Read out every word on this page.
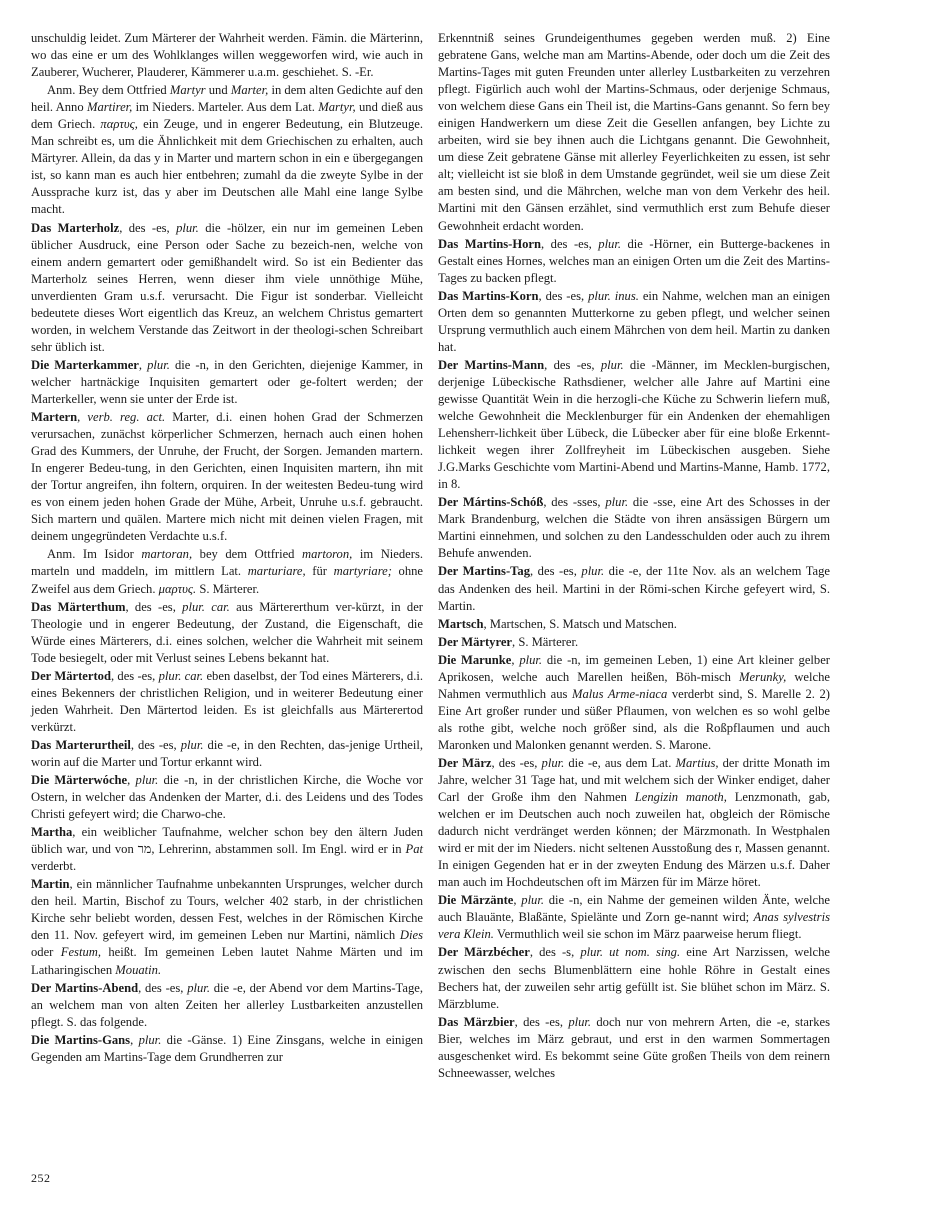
unschuldig leidet. Zum Märterer der Wahrheit werden. Fämin. die Märterinn, wo das eine er um des Wohlklanges willen weggeworfen wird, wie auch in Zauberer, Wucherer, Plauderer, Kämmerer u.a.m. geschiehet. S. -Er.

Anm. Bey dem Ottfried Martyr und Marter, in dem alten Gedichte auf den heil. Anno Martirer, im Nieders. Marteler. Aus dem Lat. Martyr, und dieß aus dem Griech. παρτυς, ein Zeuge, und in engerer Bedeutung, ein Blutzeuge. Man schreibt es, um die Ähnlichkeit mit dem Griechischen zu erhalten, auch Märtyrer. Allein, da das y in Marter und martern schon in ein e übergegangen ist, so kann man es auch hier entbehren; zumahl da die zweyte Sylbe in der Aussprache kurz ist, das y aber im Deutschen alle Mahl eine lange Sylbe macht.

Das Marterholz, des -es, plur. die -hölzer, ein nur im gemeinen Leben üblicher Ausdruck, eine Person oder Sache zu bezeich-nen, welche von einem andern gemartert oder gemißhandelt wird. So ist ein Bedienter das Marterholz seines Herren, wenn dieser ihm viele unnöthige Mühe, unverdienten Gram u.s.f. verursacht. Die Figur ist sonderbar. Vielleicht bedeutete dieses Wort eigentlich das Kreuz, an welchem Christus gemartert worden, in welchem Verstande das Zeitwort in der theologi-schen Schreibart sehr üblich ist.

Die Marterkammer, plur. die -n, in den Gerichten, diejenige Kammer, in welcher hartnäckige Inquisiten gemartert oder ge-foltert werden; der Marterkeller, wenn sie unter der Erde ist.

Martern, verb. reg. act. Marter, d.i. einen hohen Grad der Schmerzen verursachen, zunächst körperlicher Schmerzen, hernach auch einen hohen Grad des Kummers, der Unruhe, der Frucht, der Sorgen. Jemanden martern. In engerer Bedeu-tung, in den Gerichten, einen Inquisiten martern, ihn mit der Tortur angreifen, ihn foltern, orquiren. In der weitesten Bedeu-tung wird es von einem jeden hohen Grade der Mühe, Arbeit, Unruhe u.s.f. gebraucht. Sich martern und quälen. Martere mich nicht mit deinen vielen Fragen, mit deinem ungegründeten Verdachte u.s.f.

Anm. Im Isidor martoran, bey dem Ottfried martoron, im Nieders. marteln und maddeln, im mittlern Lat. marturiare, für martyriare; ohne Zweifel aus dem Griech. μαρτυς. S. Märterer.

Das Märterthum, des -es, plur. car. aus Märtererthum ver-kürzt, in der Theologie und in engerer Bedeutung, der Zustand, die Eigenschaft, die Würde eines Märterers, d.i. eines solchen, welcher die Wahrheit mit seinem Tode besiegelt, oder mit Verlust seines Lebens bekannt hat.

Der Märtertod, des -es, plur. car. eben daselbst, der Tod eines Märterers, d.i. eines Bekenners der christlichen Religion, und in weiterer Bedeutung einer jeden Wahrheit. Den Märtertod leiden. Es ist gleichfalls aus Märterertod verkürzt.

Das Marterurtheil, des -es, plur. die -e, in den Rechten, das-jenige Urtheil, worin auf die Marter und Tortur erkannt wird.

Die Märterwóche, plur. die -n, in der christlichen Kirche, die Woche vor Ostern, in welcher das Andenken der Marter, d.i. des Leidens und des Todes Christi gefeyert wird; die Charwo-che.

Martha, ein weiblicher Taufnahme, welcher schon bey den ältern Juden üblich war, und von מר, Lehrerinn, abstammen soll. Im Engl. wird er in Pat verderbt.

Martin, ein männlicher Taufnahme unbekannten Ursprunges, welcher durch den heil. Martin, Bischof zu Tours, welcher 402 starb, in der christlichen Kirche sehr beliebt worden, dessen Fest, welches in der Römischen Kirche den 11. Nov. gefeyert wird, im gemeinen Leben nur Martini, nämlich Dies oder Festum, heißt. Im gemeinen Leben lautet Nahme Märten und im Latharingischen Mouatin.

Der Martins-Abend, des -es, plur. die -e, der Abend vor dem Martins-Tage, an welchem man von alten Zeiten her allerley Lustbarkeiten anzustellen pflegt. S. das folgende.

Die Martins-Gans, plur. die -Gänse. 1) Eine Zinsgans, welche in einigen Gegenden am Martins-Tage dem Grundherren zur

Erkenntniß seines Grundeigenthumes gegeben werden muß. 2) Eine gebratene Gans, welche man am Martins-Abende, oder doch um die Zeit des Martins-Tages mit guten Freunden unter allerley Lustbarkeiten zu verzehren pflegt. Figürlich auch wohl der Martins-Schmaus, oder derjenige Schmaus, von welchem diese Gans ein Theil ist, die Martins-Gans genannt. So fern bey einigen Handwerkern um diese Zeit die Gesellen anfangen, bey Lichte zu arbeiten, wird sie bey ihnen auch die Lichtgans genannt. Die Gewohnheit, um diese Zeit gebratene Gänse mit allerley Feyerlichkeiten zu essen, ist sehr alt; vielleicht ist sie bloß in dem Umstande gegründet, weil sie um diese Zeit am besten sind, und die Mährchen, welche man von dem Verkehr des heil. Martini mit den Gänsen erzählet, sind vermuthlich erst zum Behufe dieser Gewohnheit erdacht worden.

Das Martins-Horn, des -es, plur. die -Hörner, ein Butterge-backenes in Gestalt eines Hornes, welches man an einigen Orten um die Zeit des Martins-Tages zu backen pflegt.

Das Martins-Korn, des -es, plur. inus. ein Nahme, welchen man an einigen Orten dem so genannten Mutterkorne zu geben pflegt, und welcher seinen Ursprung vermuthlich auch einem Mährchen von dem heil. Martin zu danken hat.

Der Martins-Mann, des -es, plur. die -Männer, im Mecklen-burgischen, derjenige Lübeckische Rathsdiener, welcher alle Jahre auf Martini eine gewisse Quantität Wein in die herzogli-che Küche zu Schwerin liefern muß, welche Gewohnheit die Mecklenburger für ein Andenken der ehemahligen Lehensherr-lichkeit über Lübeck, die Lübecker aber für eine bloße Erkennt-lichkeit wegen ihrer Zollfreyheit im Lübeckischen ausgeben. Siehe J.G.Marks Geschichte vom Martini-Abend und Martins-Manne, Hamb. 1772, in 8.

Der Mártins-Schóß, des -sses, plur. die -sse, eine Art des Schosses in der Mark Brandenburg, welchen die Städte von ihren ansässigen Bürgern um Martini einnehmen, und solchen zu den Landesschulden oder auch zu ihrem Behufe anwenden.

Der Martins-Tag, des -es, plur. die -e, der 11te Nov. als an welchem Tage das Andenken des heil. Martini in der Römi-schen Kirche gefeyert wird, S. Martin.

Martsch, Martschen, S. Matsch und Matschen.

Der Märtyrer, S. Märterer.

Die Marunke, plur. die -n, im gemeinen Leben, 1) eine Art kleiner gelber Aprikosen, welche auch Marellen heißen, Böh-misch Merunky, welche Nahmen vermuthlich aus Malus Arme-niaca verderbt sind, S. Marelle 2. 2) Eine Art großer runder und süßer Pflaumen, von welchen es so wohl gelbe als rothe gibt, welche noch größer sind, als die Roßpflaumen und auch Maronken und Malonken genannt werden. S. Marone.

Der März, des -es, plur. die -e, aus dem Lat. Martius, der dritte Monath im Jahre, welcher 31 Tage hat, und mit welchem sich der Winker endiget, daher Carl der Große ihm den Nahmen Lengizin manoth, Lenzmonath, gab, welchen er im Deutschen auch noch zuweilen hat, obgleich der Römische dadurch nicht verdränget werden können; der Märzmonath. In Westphalen wird er mit der im Nieders. nicht seltenen Ausstoßung des r, Massen genannt. In einigen Gegenden hat er in der zweyten Endung des Märzen u.s.f. Daher man auch im Hochdeutschen oft im Märzen für im Märze höret.

Die Märzänte, plur. die -n, ein Nahme der gemeinen wilden Änte, welche auch Blauänte, Blaßänte, Spieläntе und Zorn ge-nannt wird; Anas sylvestris vera Klein. Vermuthlich weil sie schon im März paarweise herum fliegt.

Der Märzbécher, des -s, plur. ut nom. sing. eine Art Narzissen, welche zwischen den sechs Blumenblättern eine hohle Röhre in Gestalt eines Bechers hat, der zuweilen sehr artig gefüllt ist. Sie blühet schon im März. S. Märzblume.

Das Märzbier, des -es, plur. doch nur von mehrern Arten, die -e, starkes Bier, welches im März gebraut, und erst in den warmen Sommertagen ausgeschenket wird. Es bekommt seine Güte großen Theils von dem reinern Schneewasser, welches

252
